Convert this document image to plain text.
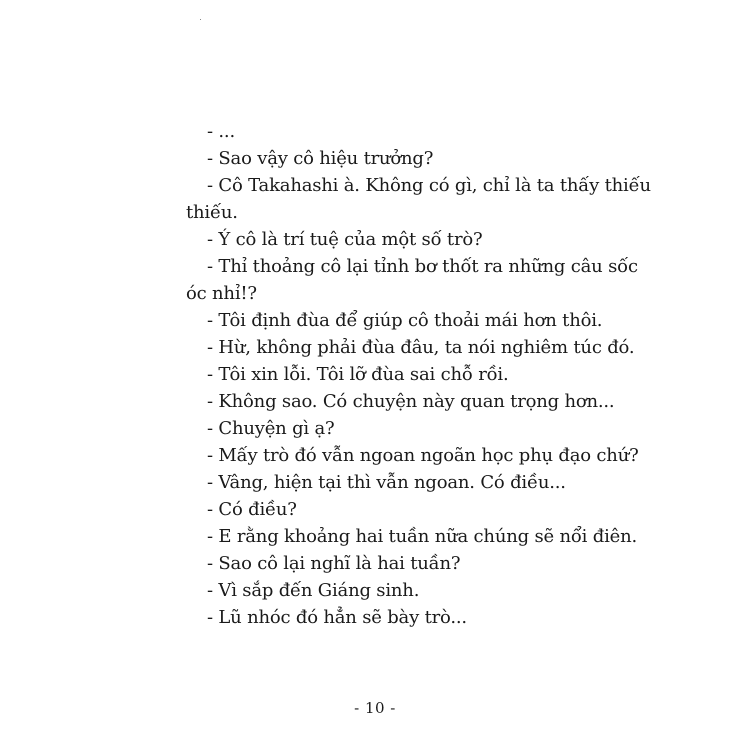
- ...
- Sao vậy cô hiệu trưởng?
- Cô Takahashi à. Không có gì, chỉ là ta thấy thiếu
thiếu.
- Ý cô là trí tuệ của một số trò?
- Thỉ thoảng cô lại tỉnh bơ thốt ra những câu sốc
óc nhỉ!?
- Tôi định đùa để giúp cô thoải mái hơn thôi.
- Hừ, không phải đùa đâu, ta nói nghiêm túc đó.
- Tôi xin lỗi. Tôi lỡ đùa sai chỗ rồi.
- Không sao. Có chuyện này quan trọng hơn...
- Chuyện gì ạ?
- Mấy trò đó vẫn ngoan ngoãn học phụ đạo chứ?
- Vâng, hiện tại thì vẫn ngoan. Có điều...
- Có điều?
- E rằng khoảng hai tuần nữa chúng sẽ nổi điên.
- Sao cô lại nghĩ là hai tuần?
- Vì sắp đến Giáng sinh.
- Lũ nhóc đó hẳn sẽ bày trò...
- 10 -
